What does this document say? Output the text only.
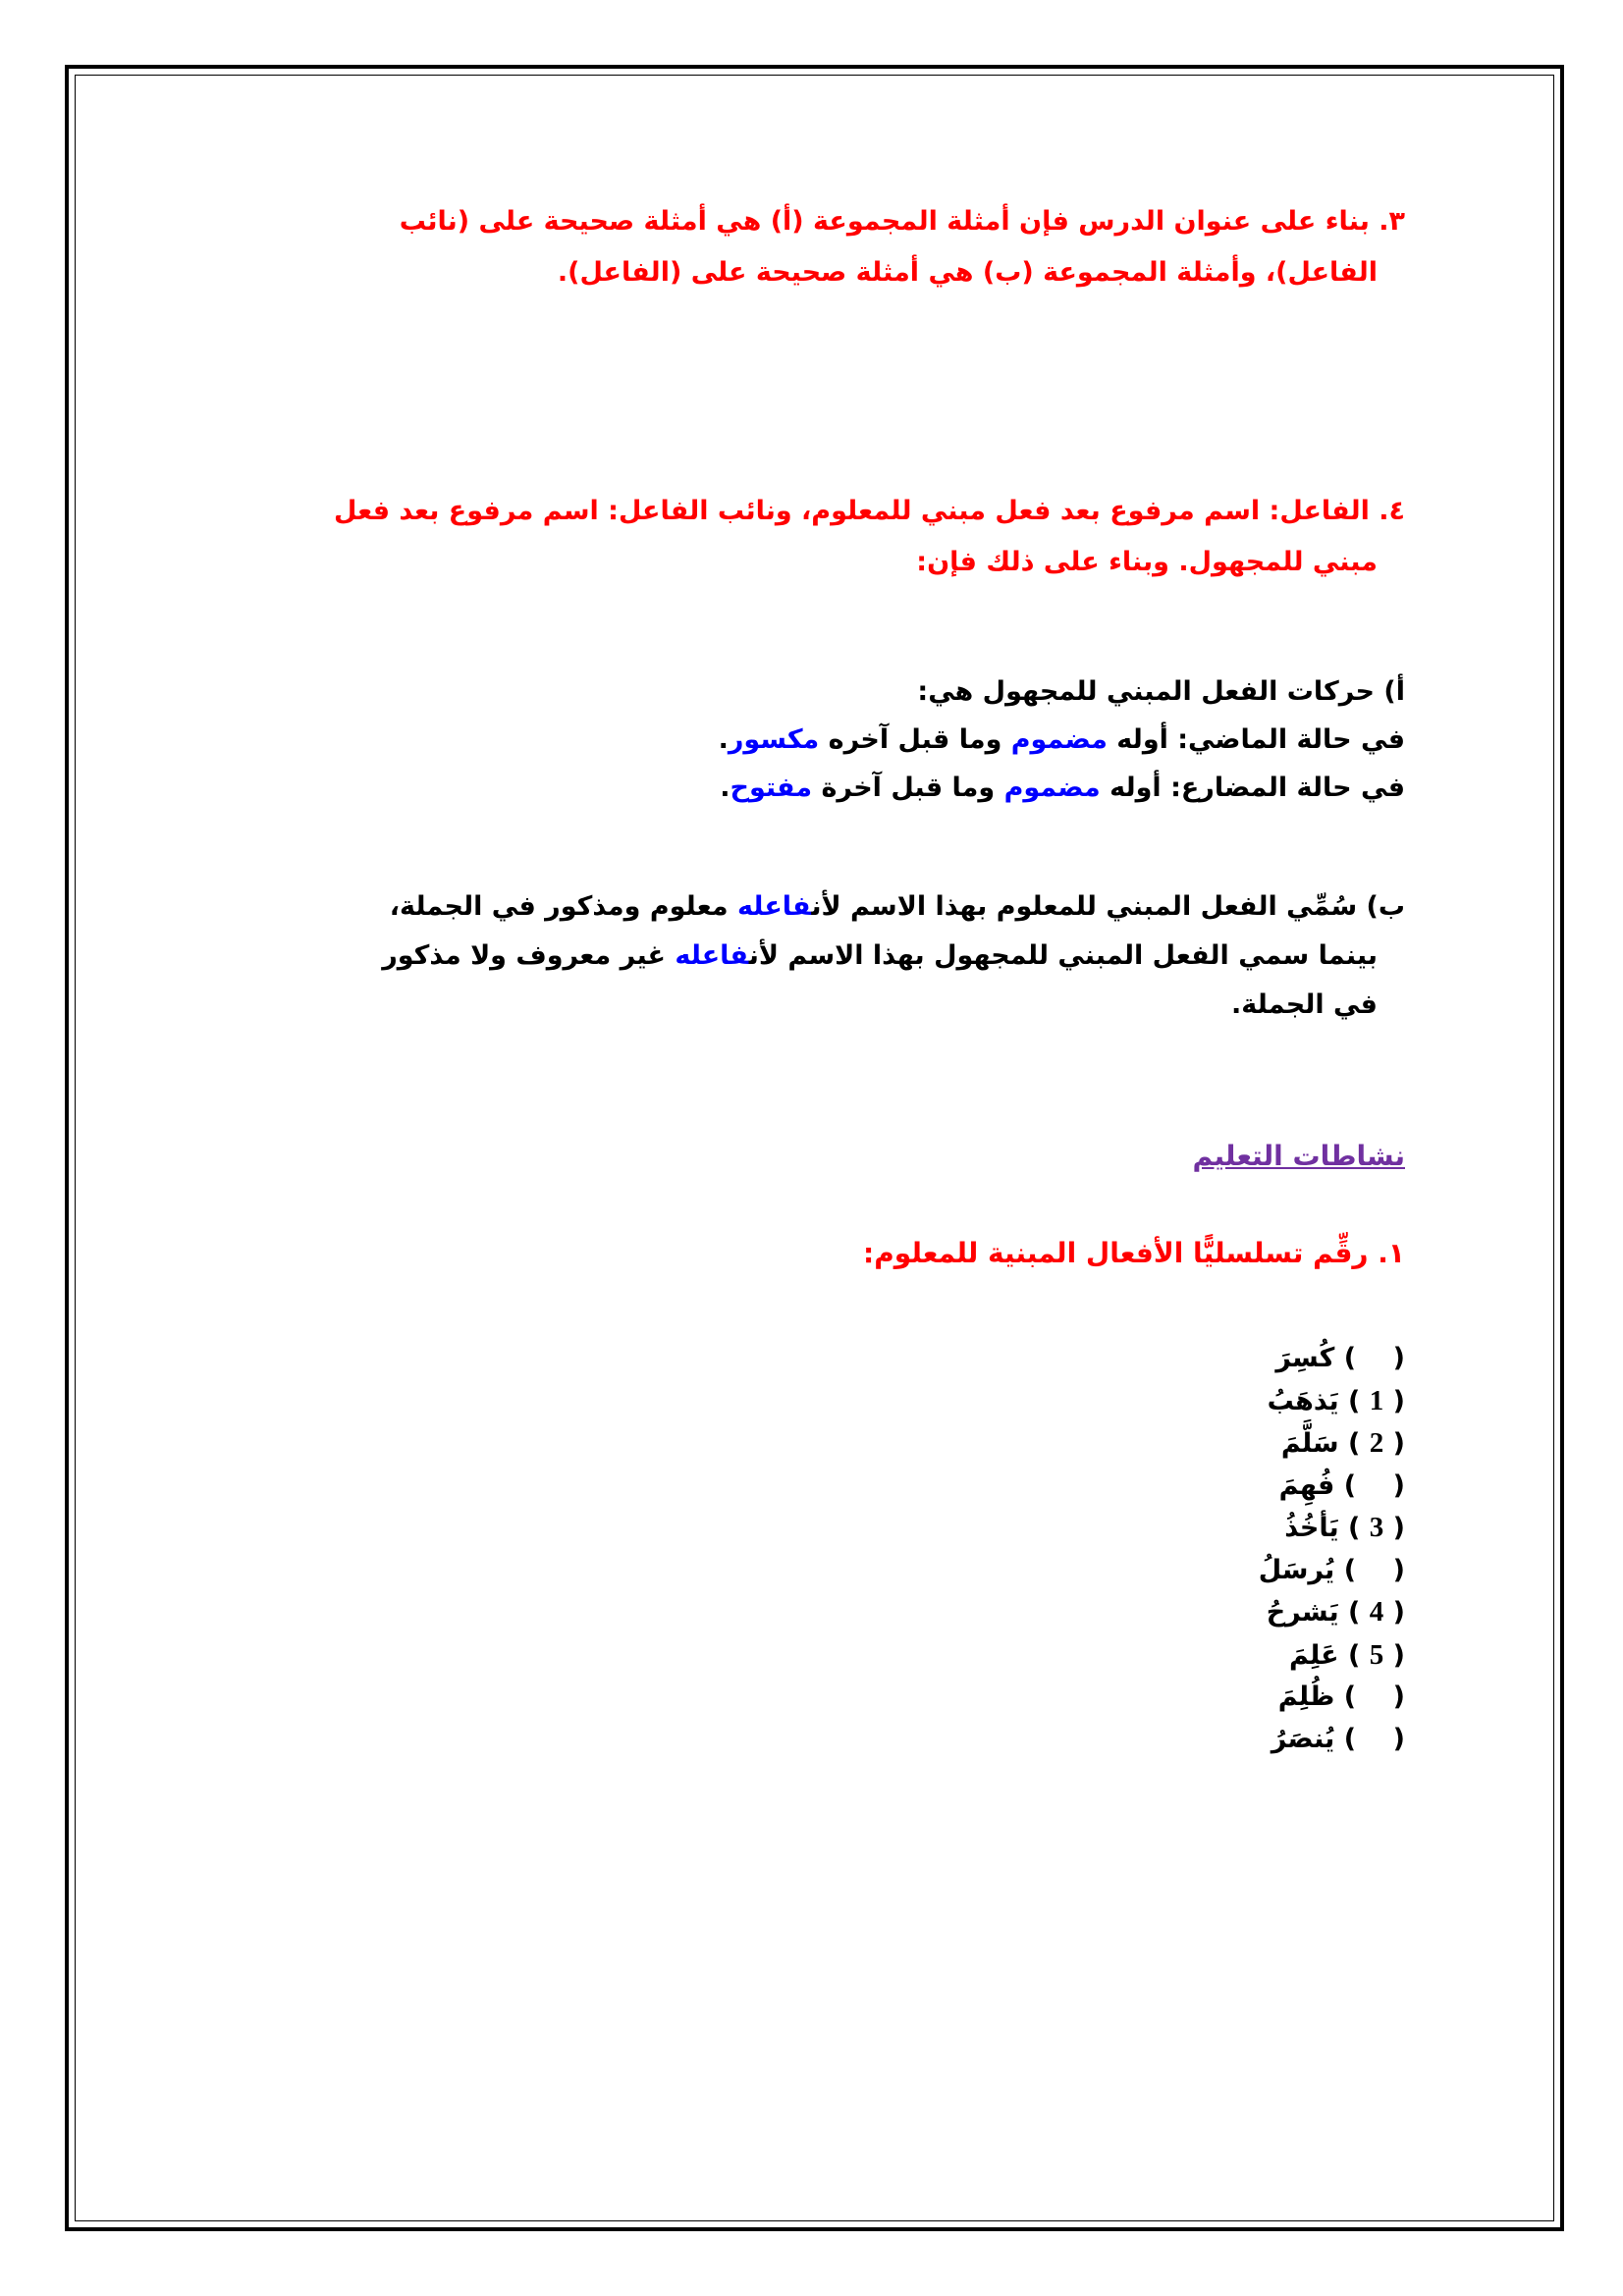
٣. بناء على عنوان الدرس فإن أمثلة المجموعة (أ) هي أمثلة صحيحة على (نائب
الفاعل)، وأمثلة المجموعة (ب) هي أمثلة صحيحة على (الفاعل).
٤. الفاعل: اسم مرفوع بعد فعل مبني للمعلوم، ونائب الفاعل: اسم مرفوع بعد فعل
مبني للمجهول. وبناء على ذلك فإن:
أ) حركات الفعل المبني للمجهول هي:
في حالة الماضي: أوله مضموم وما قبل آخره مكسور.
في حالة المضارع: أوله مضموم وما قبل آخرة مفتوح.
ب) سُمِّي الفعل المبني للمعلوم بهذا الاسم لأنفاعله معلوم ومذكور في الجملة،
بينما سمي الفعل المبني للمجهول بهذا الاسم لأنفاعله غير معروف ولا مذكور
في الجملة.
نشاطات التعليم
١. رقِّم تسلسليًّا الأفعال المبنية للمعلوم:
(    ) كُسِرَ
( 1 ) يَذهَبُ
( 2 ) سَلَّمَ
(    ) فُهِمَ
( 3 ) يَأخُذُ
(    ) يُرسَلُ
( 4 ) يَشرحُ
( 5 ) عَلِمَ
(    ) ظُلِمَ
(    ) يُنصَرُ
